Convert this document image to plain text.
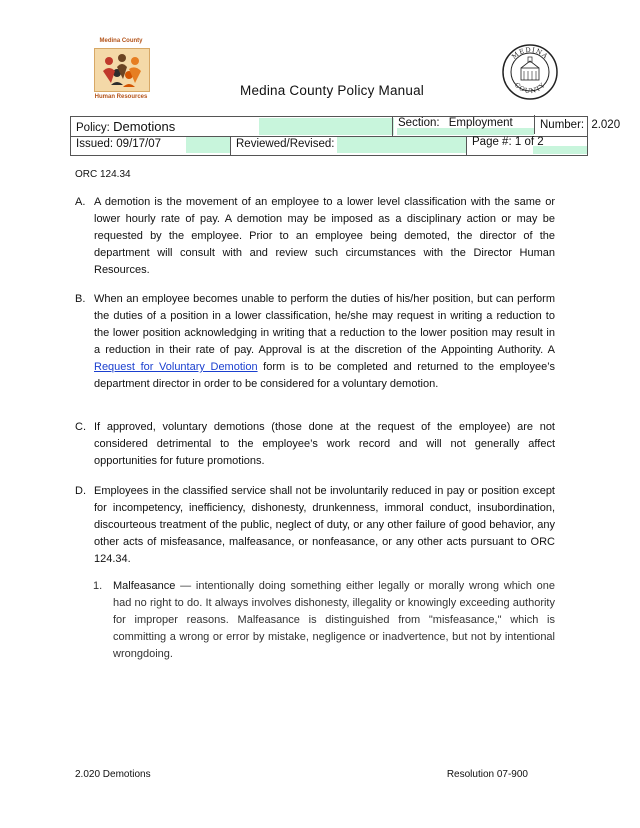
Medina County
Human Resources
MEDINA
COUNTY
Medina County Policy Manual
Policy: Demotions	Section: Employment	Number: 2.020
Issued: 09/17/07	Reviewed/Revised:	Page #: 1 of 2
ORC 124.34
A. A demotion is the movement of an employee to a lower level classification with the same or lower hourly rate of pay. A demotion may be imposed as a disciplinary action or may be requested by the employee. Prior to an employee being demoted, the director of the department will consult with and review such circumstances with the Director Human Resources.
B. When an employee becomes unable to perform the duties of his/her position, but can perform the duties of a position in a lower classification, he/she may request in writing a reduction to the lower position acknowledging in writing that a reduction to the lower position may result in a reduction in their rate of pay. Approval is at the discretion of the Appointing Authority. A Request for Voluntary Demotion form is to be completed and returned to the employee’s department director in order to be considered for a voluntary demotion.
C. If approved, voluntary demotions (those done at the request of the employee) are not considered detrimental to the employee’s work record and will not generally affect opportunities for future promotions.
D. Employees in the classified service shall not be involuntarily reduced in pay or position except for incompetency, inefficiency, dishonesty, drunkenness, immoral conduct, insubordination, discourteous treatment of the public, neglect of duty, or any other failure of good behavior, any other acts of misfeasance, malfeasance, or nonfeasance, or any other acts pursuant to ORC 124.34.
1. Malfeasance — intentionally doing something either legally or morally wrong which one had no right to do. It always involves dishonesty, illegality or knowingly exceeding authority for improper reasons. Malfeasance is distinguished from "misfeasance," which is committing a wrong or error by mistake, negligence or inadvertence, but not by intentional wrongdoing.
2.020 Demotions	Resolution 07-900
